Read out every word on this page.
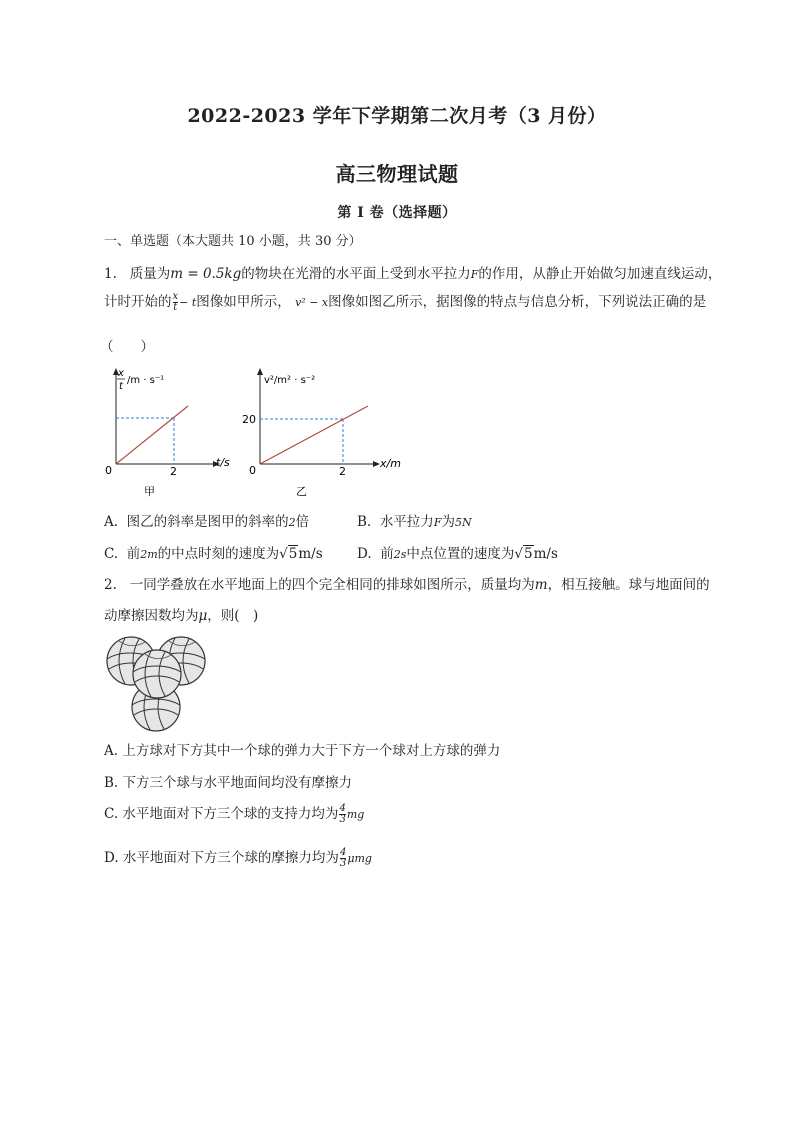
2022-2023 学年下学期第二次月考（3 月份）
高三物理试题
第 I 卷（选择题）
一、单选题（本大题共 10 小题，共 30 分）
1. 质量为m = 0.5kg的物块在光滑的水平面上受到水平拉力F的作用，从静止开始做匀加速直线运动，
计时开始的 $\frac{x}{t} - t$图像如甲所示， v² − x图像如图乙所示，据图像的特点与信息分析，下列说法正确的是
（　　）
x
t
/m · s⁻¹
0	2
t/s
甲
v²/m² · s⁻²
20
0	2
x/m
乙
A. 图乙的斜率是图甲的斜率的2倍	B. 水平拉力F为5N
C. 前2m的中点时刻的速度为√5m/s	D. 前2s中点位置的速度为√5m/s
2. 一同学叠放在水平地面上的四个完全相同的排球如图所示，质量均为m，相互接触。球与地面间的
动摩擦因数均为μ，则(　)
A. 上方球对下方其中一个球的弹力大于下方一个球对上方球的弹力
B. 下方三个球与水平地面间均没有摩擦力
C. 水平地面对下方三个球的支持力均为 $\frac{4}{3}$ mg
D. 水平地面对下方三个球的摩擦力均为 $\frac{4}{3}$ μmg
